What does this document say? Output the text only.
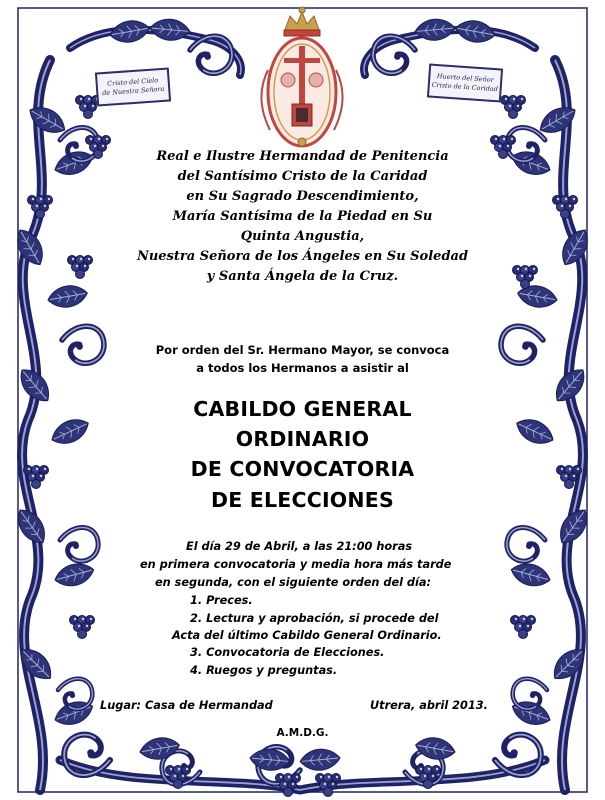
Cristo del Cíelo
de Nuestra Señora
Huerto del Señor
Cristo de la Caridad
Real e Ilustre Hermandad de Penitencia
del Santísimo Cristo de la Caridad
en Su Sagrado Descendimiento,
María Santísima de la Piedad en Su
Quinta Angustia,
Nuestra Señora de los Ángeles en Su Soledad
y Santa Ángela de la Cruz.
Por orden del Sr. Hermano Mayor, se convoca
a todos los Hermanos a asistir al
CABILDO GENERAL
ORDINARIO
DE CONVOCATORIA
DE ELECCIONES
El día 29 de Abril, a las 21:00 horas
en primera convocatoria y media hora más tarde
en segunda, con el siguiente orden del día:
1. Preces.
2. Lectura y aprobación, si procede del
Acta del último Cabildo General Ordinario.
3. Convocatoria de Elecciones.
4. Ruegos y preguntas.
Lugar: Casa de Hermandad	Utrera, abril 2013.
A.M.D.G.
